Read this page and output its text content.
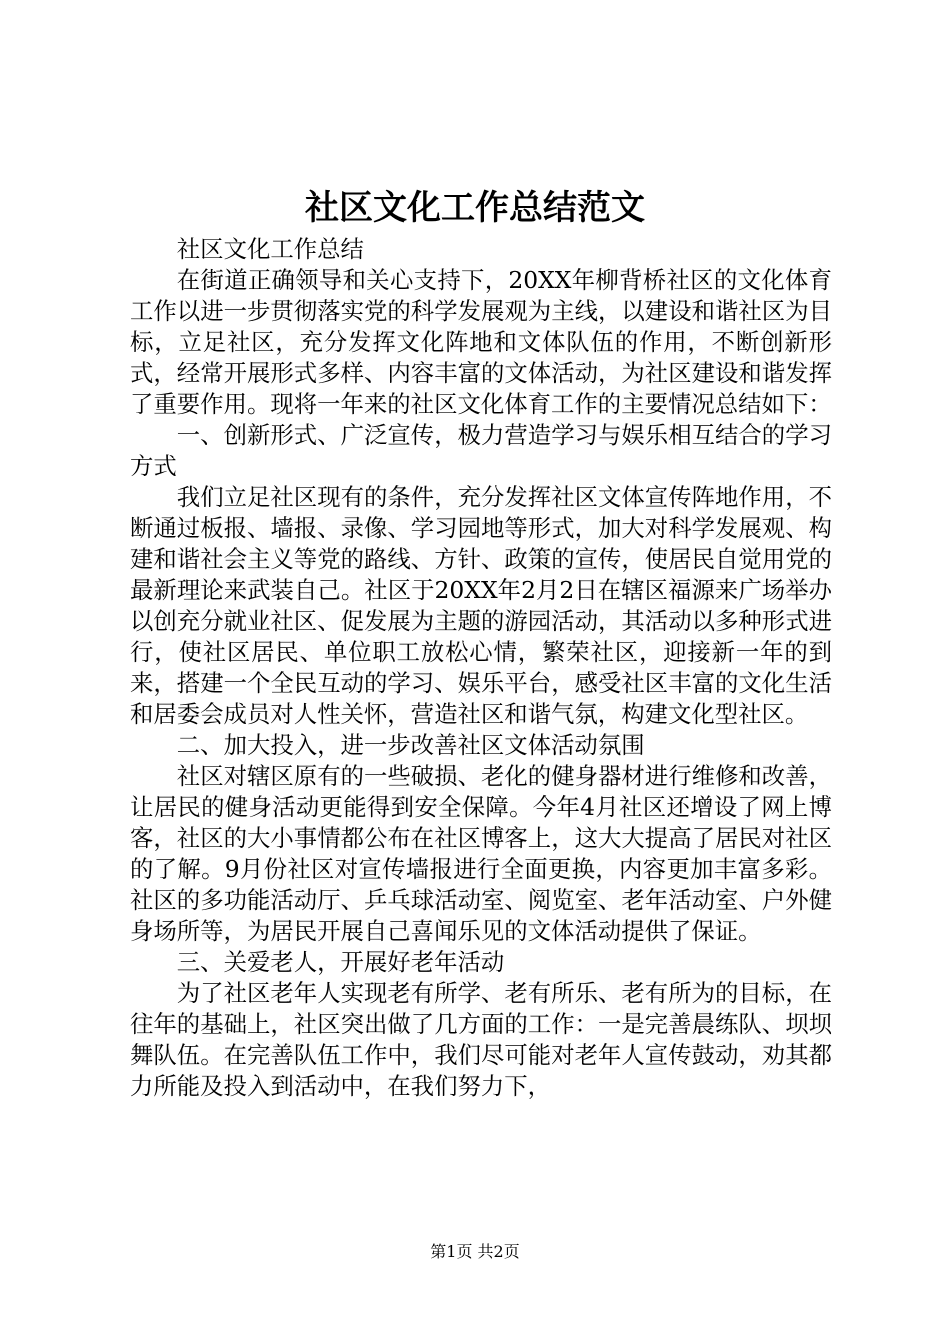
社区文化工作总结范文

社区文化工作总结

在街道正确领导和关心支持下，20XX年柳背桥社区的文化体育工作以进一步贯彻落实党的科学发展观为主线，以建设和谐社区为目标，立足社区，充分发挥文化阵地和文体队伍的作用，不断创新形式，经常开展形式多样、内容丰富的文体活动，为社区建设和谐发挥了重要作用。现将一年来的社区文化体育工作的主要情况总结如下：

一、创新形式、广泛宣传，极力营造学习与娱乐相互结合的学习方式

我们立足社区现有的条件，充分发挥社区文体宣传阵地作用，不断通过板报、墙报、录像、学习园地等形式，加大对科学发展观、构建和谐社会主义等党的路线、方针、政策的宣传，使居民自觉用党的最新理论来武装自己。社区于20XX年2月2日在辖区福源来广场举办以创充分就业社区、促发展为主题的游园活动，其活动以多种形式进行，使社区居民、单位职工放松心情，繁荣社区，迎接新一年的到来，搭建一个全民互动的学习、娱乐平台，感受社区丰富的文化生活和居委会成员对人性关怀，营造社区和谐气氛，构建文化型社区。

二、加大投入，进一步改善社区文体活动氛围

社区对辖区原有的一些破损、老化的健身器材进行维修和改善，让居民的健身活动更能得到安全保障。今年4月社区还增设了网上博客，社区的大小事情都公布在社区博客上，这大大提高了居民对社区的了解。9月份社区对宣传墙报进行全面更换，内容更加丰富多彩。社区的多功能活动厅、乒乓球活动室、阅览室、老年活动室、户外健身场所等，为居民开展自己喜闻乐见的文体活动提供了保证。

三、关爱老人，开展好老年活动

为了社区老年人实现老有所学、老有所乐、老有所为的目标，在往年的基础上，社区突出做了几方面的工作：一是完善晨练队、坝坝舞队伍。在完善队伍工作中，我们尽可能对老年人宣传鼓动，劝其都力所能及投入到活动中，在我们努力下，

第1页 共2页
